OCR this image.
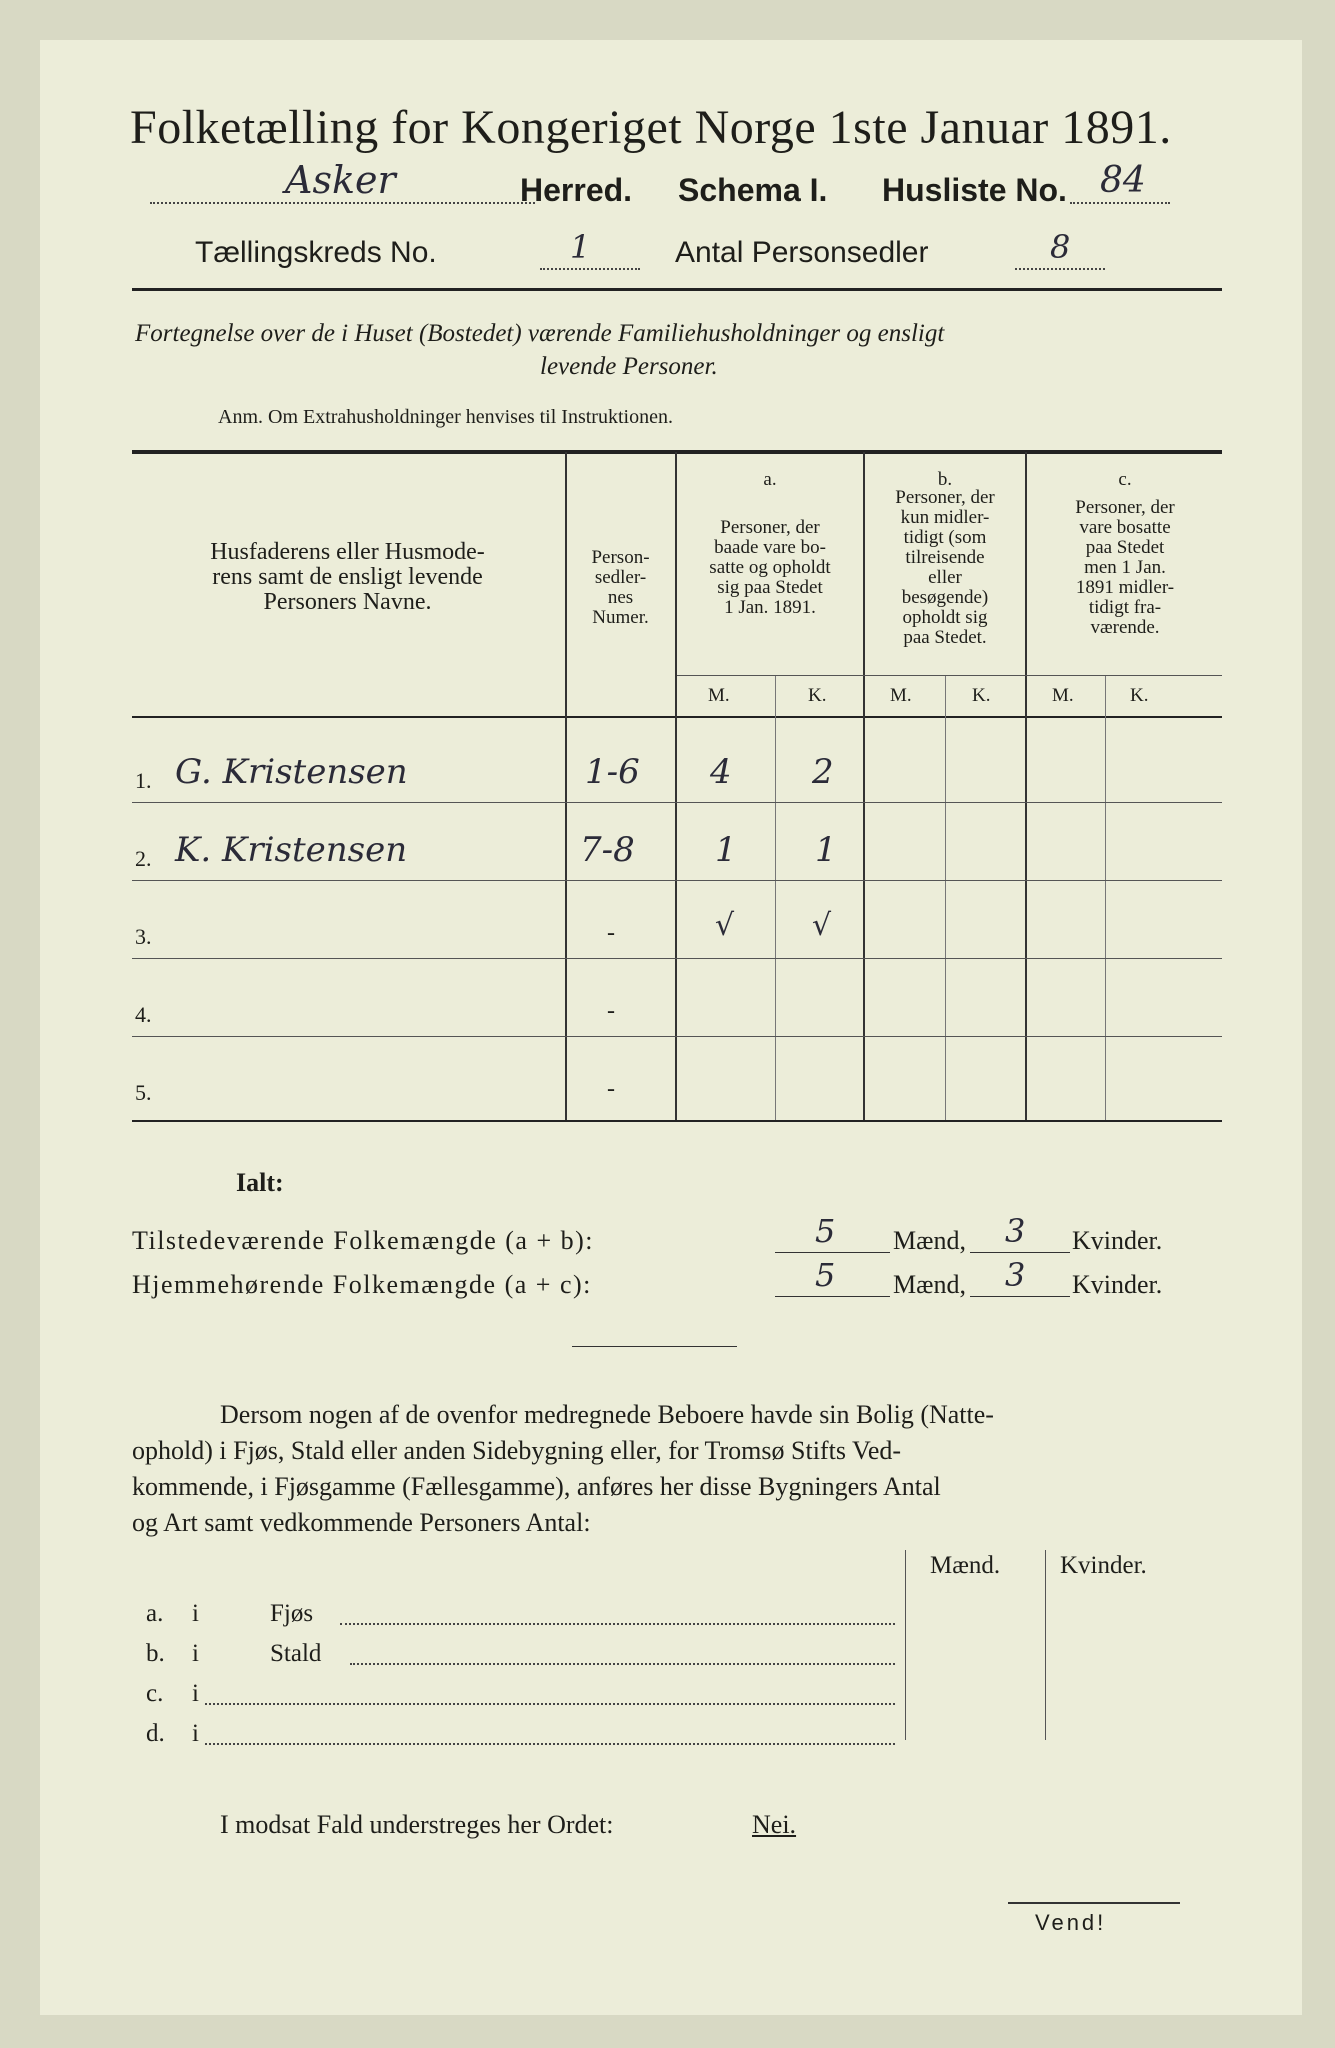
Folketælling for Kongeriget Norge 1ste Januar 1891.
Asker	Herred. Schema I. Husliste No. 84
Tællingskreds No.	1	Antal Personsedler	8
Fortegnelse over de i Huset (Bostedet) værende Familiehusholdninger og ensligt
levende Personer.
Anm. Om Extrahusholdninger henvises til Instruktionen.
Husfaderens eller Husmode-
rens samt de ensligt levende
Personers Navne.
Person-
sedler-
nes
Numer.
a.
Personer, der
baade vare bo-
satte og opholdt
sig paa Stedet
1 Jan. 1891.
b.
Personer, der
kun midler-
tidigt (som
tilreisende
eller
besøgende)
opholdt sig
paa Stedet.
c.
Personer, der
vare bosatte
paa Stedet
men 1 Jan.
1891 midler-
tidigt fra-
værende.
M.	K.	M.	K.	M.	K.
1. G. Kristensen	1-6 4 2
2. K. Kristensen	7-8 1 1
3.	-	√	√
4.	-
5.	-
Ialt:
Tilstedeværende Folkemængde (a + b):	5 Mænd, 3 Kvinder.
Hjemmehørende Folkemængde (a + c):	5 Mænd, 3 Kvinder.
Dersom nogen af de ovenfor medregnede Beboere havde sin Bolig (Natte-
ophold) i Fjøs, Stald eller anden Sidebygning eller, for Tromsø Stifts Ved-
kommende, i Fjøsgamme (Fællesgamme), anføres her disse Bygningers Antal
og Art samt vedkommende Personers Antal:
Mænd. Kvinder.
a. i	Fjøs
b. i	Stald
c. i
d. i
I modsat Fald understreges her Ordet:	Nei.
Vend!
